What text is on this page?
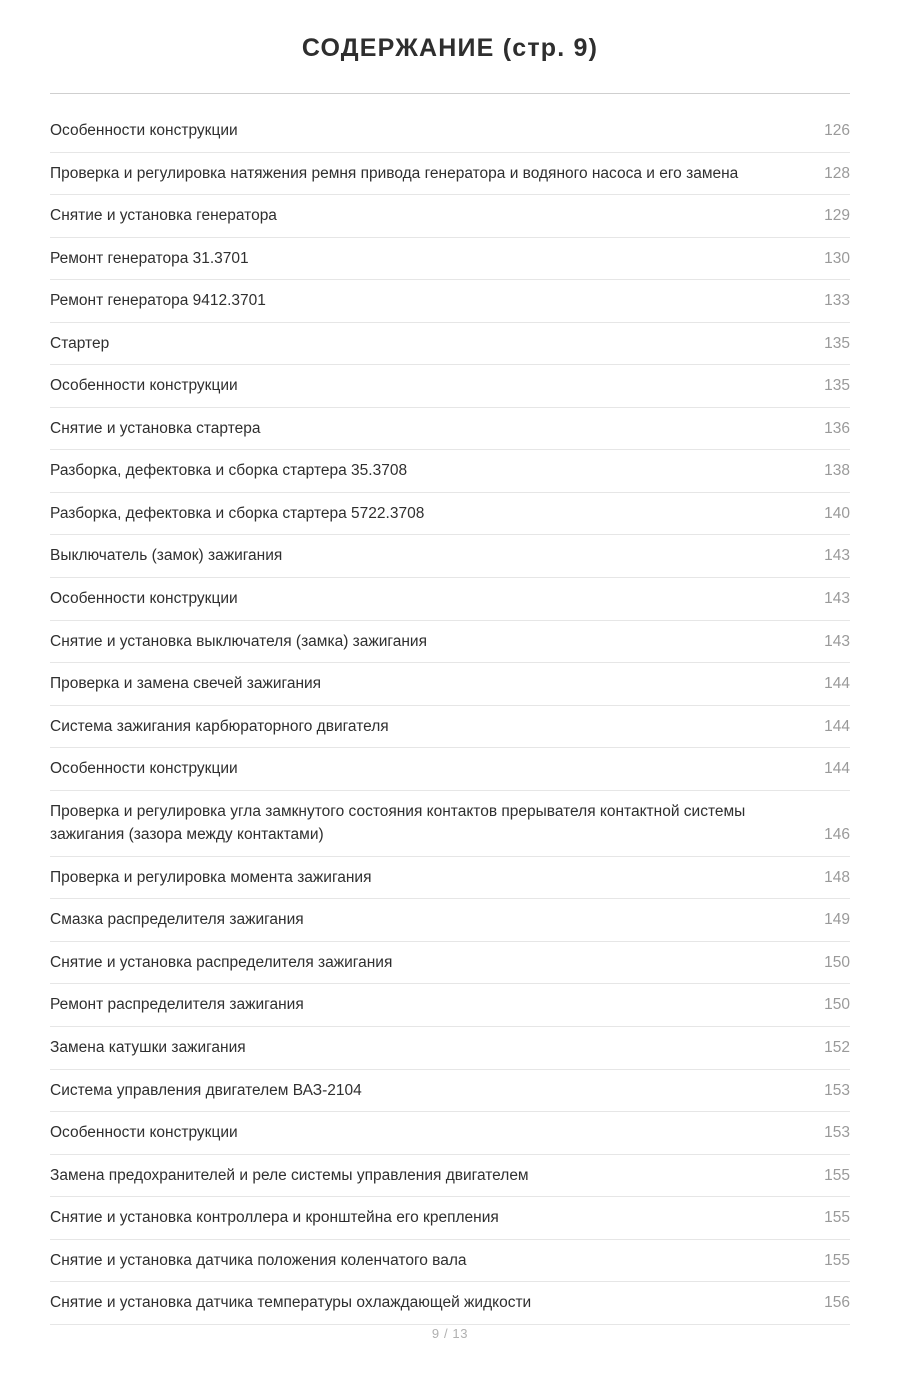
СОДЕРЖАНИЕ (стр. 9)
Особенности конструкции	126
Проверка и регулировка натяжения ремня привода генератора и водяного насоса и его замена	128
Снятие и установка генератора	129
Ремонт генератора 31.3701	130
Ремонт генератора 9412.3701	133
Стартер	135
Особенности конструкции	135
Снятие и установка стартера	136
Разборка, дефектовка и сборка стартера 35.3708	138
Разборка, дефектовка и сборка стартера 5722.3708	140
Выключатель (замок) зажигания	143
Особенности конструкции	143
Снятие и установка выключателя (замка) зажигания	143
Проверка и замена свечей зажигания	144
Система зажигания карбюраторного двигателя	144
Особенности конструкции	144
Проверка и регулировка угла замкнутого состояния контактов прерывателя контактной системы зажигания (зазора между контактами)	146
Проверка и регулировка момента зажигания	148
Смазка распределителя зажигания	149
Снятие и установка распределителя зажигания	150
Ремонт распределителя зажигания	150
Замена катушки зажигания	152
Система управления двигателем ВАЗ-2104	153
Особенности конструкции	153
Замена предохранителей и реле системы управления двигателем	155
Снятие и установка контроллера и кронштейна его крепления	155
Снятие и установка датчика положения коленчатого вала	155
Снятие и установка датчика температуры охлаждающей жидкости	156
9 / 13
